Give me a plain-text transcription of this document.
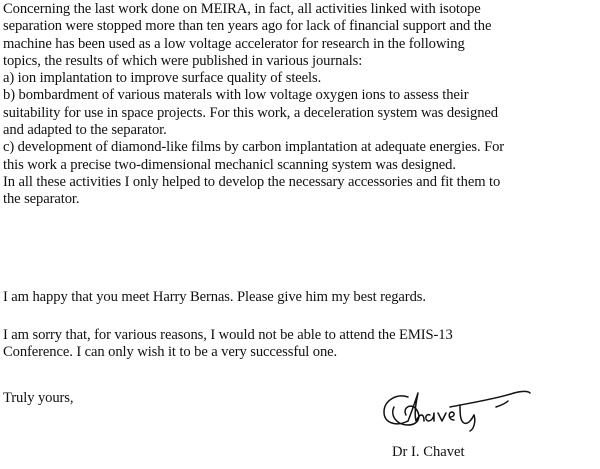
Concerning the last work done on MEIRA, in fact, all activities linked with isotope
separation were stopped more than ten years ago for lack of financial support and the
machine has been used as a low voltage accelerator for research in the following
topics, the results of which were published in various journals:
a) ion implantation to improve surface quality of steels.
b) bombardment of various materals with low voltage oxygen ions to assess their
suitability for use in space projects. For this work, a deceleration system was designed
and adapted to the separator.
c) development of diamond-like films by carbon implantation at adequate energies. For
this work a precise two-dimensional mechanicl scanning system was designed.
In all these activities I only helped to develop the necessary accessories and fit them to
the separator.

I am happy that you meet Harry Bernas. Please give him my best regards.

I am sorry that, for various reasons, I would not be able to attend the EMIS-13
Conference. I can only wish it to be a very successful one.

Truly yours,

Dr I. Chavet
